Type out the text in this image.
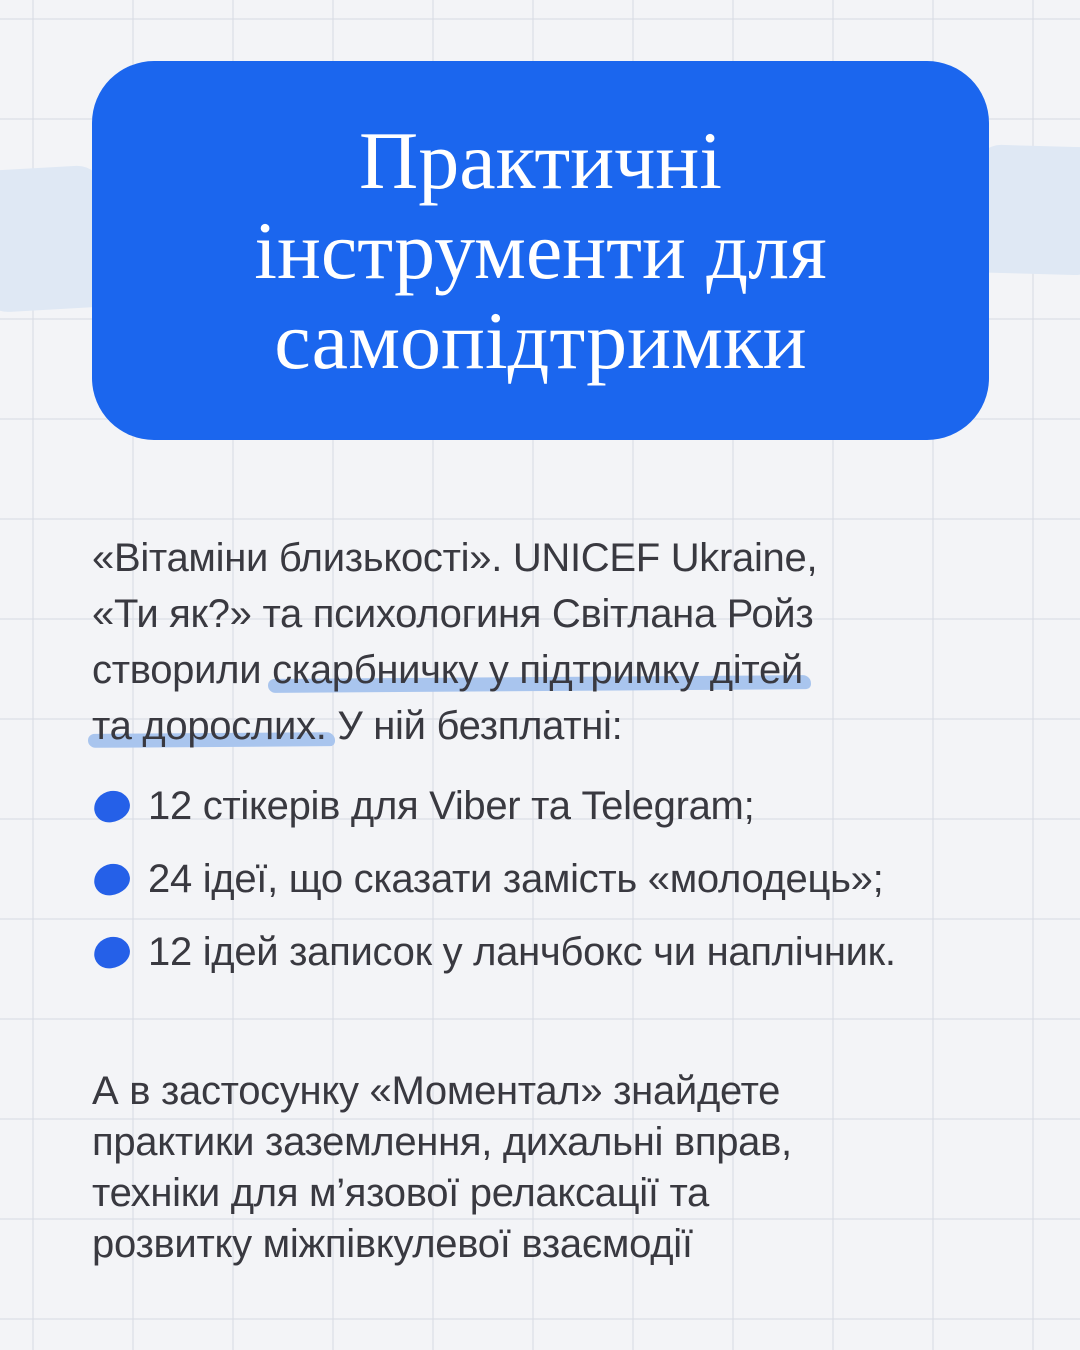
Практичні
інструменти для
самопідтримки
«Вітаміни близькості». UNICEF Ukraine,
«Ти як?» та психологиня Світлана Ройз
створили скарбничку у підтримку дітей
та дорослих. У ній безплатні:
12 стікерів для Viber та Telegram;
24 ідеї, що сказати замість «молодець»;
12 ідей записок у ланчбокс чи наплічник.
А в застосунку «Моментал» знайдете
практики заземлення, дихальні вправ,
техніки для м’язової релаксації та
розвитку міжпівкулевої взаємодії
